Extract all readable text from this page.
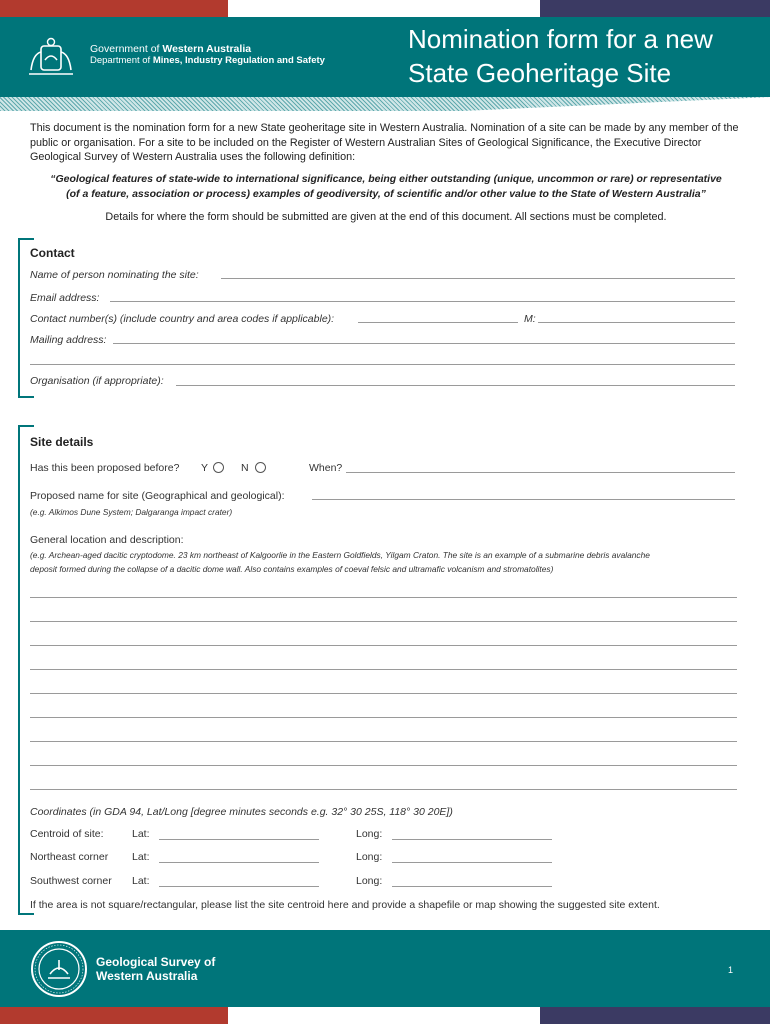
Government of Western Australia
Department of Mines, Industry Regulation and Safety
Nomination form for a new
State Geoheritage Site
This document is the nomination form for a new State geoheritage site in Western Australia. Nomination of a site can be made by any member of the public or organisation. For a site to be included on the Register of Western Australian Sites of Geological Significance, the Executive Director Geological Survey of Western Australia uses the following definition:
“Geological features of state-wide to international significance, being either outstanding (unique, uncommon or rare) or representative
(of a feature, association or process) examples of geodiversity, of scientific and/or other value to the State of Western Australia”
Details for where the form should be submitted are given at the end of this document. All sections must be completed.
Contact
Name of person nominating the site:
Email address:
Contact number(s) (include country and area codes if applicable):	M:
Mailing address:
Organisation (if appropriate):
Site details
Has this been proposed before? Y	N	When?
Proposed name for site (Geographical and geological):
(e.g. Alkimos Dune System; Dalgaranga impact crater)
General location and description:
(e.g. Archean-aged dacitic cryptodome. 23 km northeast of Kalgoorlie in the Eastern Goldfields, Yilgam Craton. The site is an example of a submarine debris avalanche
deposit formed during the collapse of a dacitic dome wall. Also contains examples of coeval felsic and ultramafic volcanism and stromatolites)
Coordinates (in GDA 94, Lat/Long [degree minutes seconds e.g. 32° 30 25S, 118° 30 20E])
Centroid of site:	Lat:	Long:
Northeast corner Lat:	Long:
Southwest corner Lat:	Long:
If the area is not square/rectangular, please list the site centroid here and provide a shapefile or map showing the suggested site extent.
Geological Survey of
Western Australia	1
